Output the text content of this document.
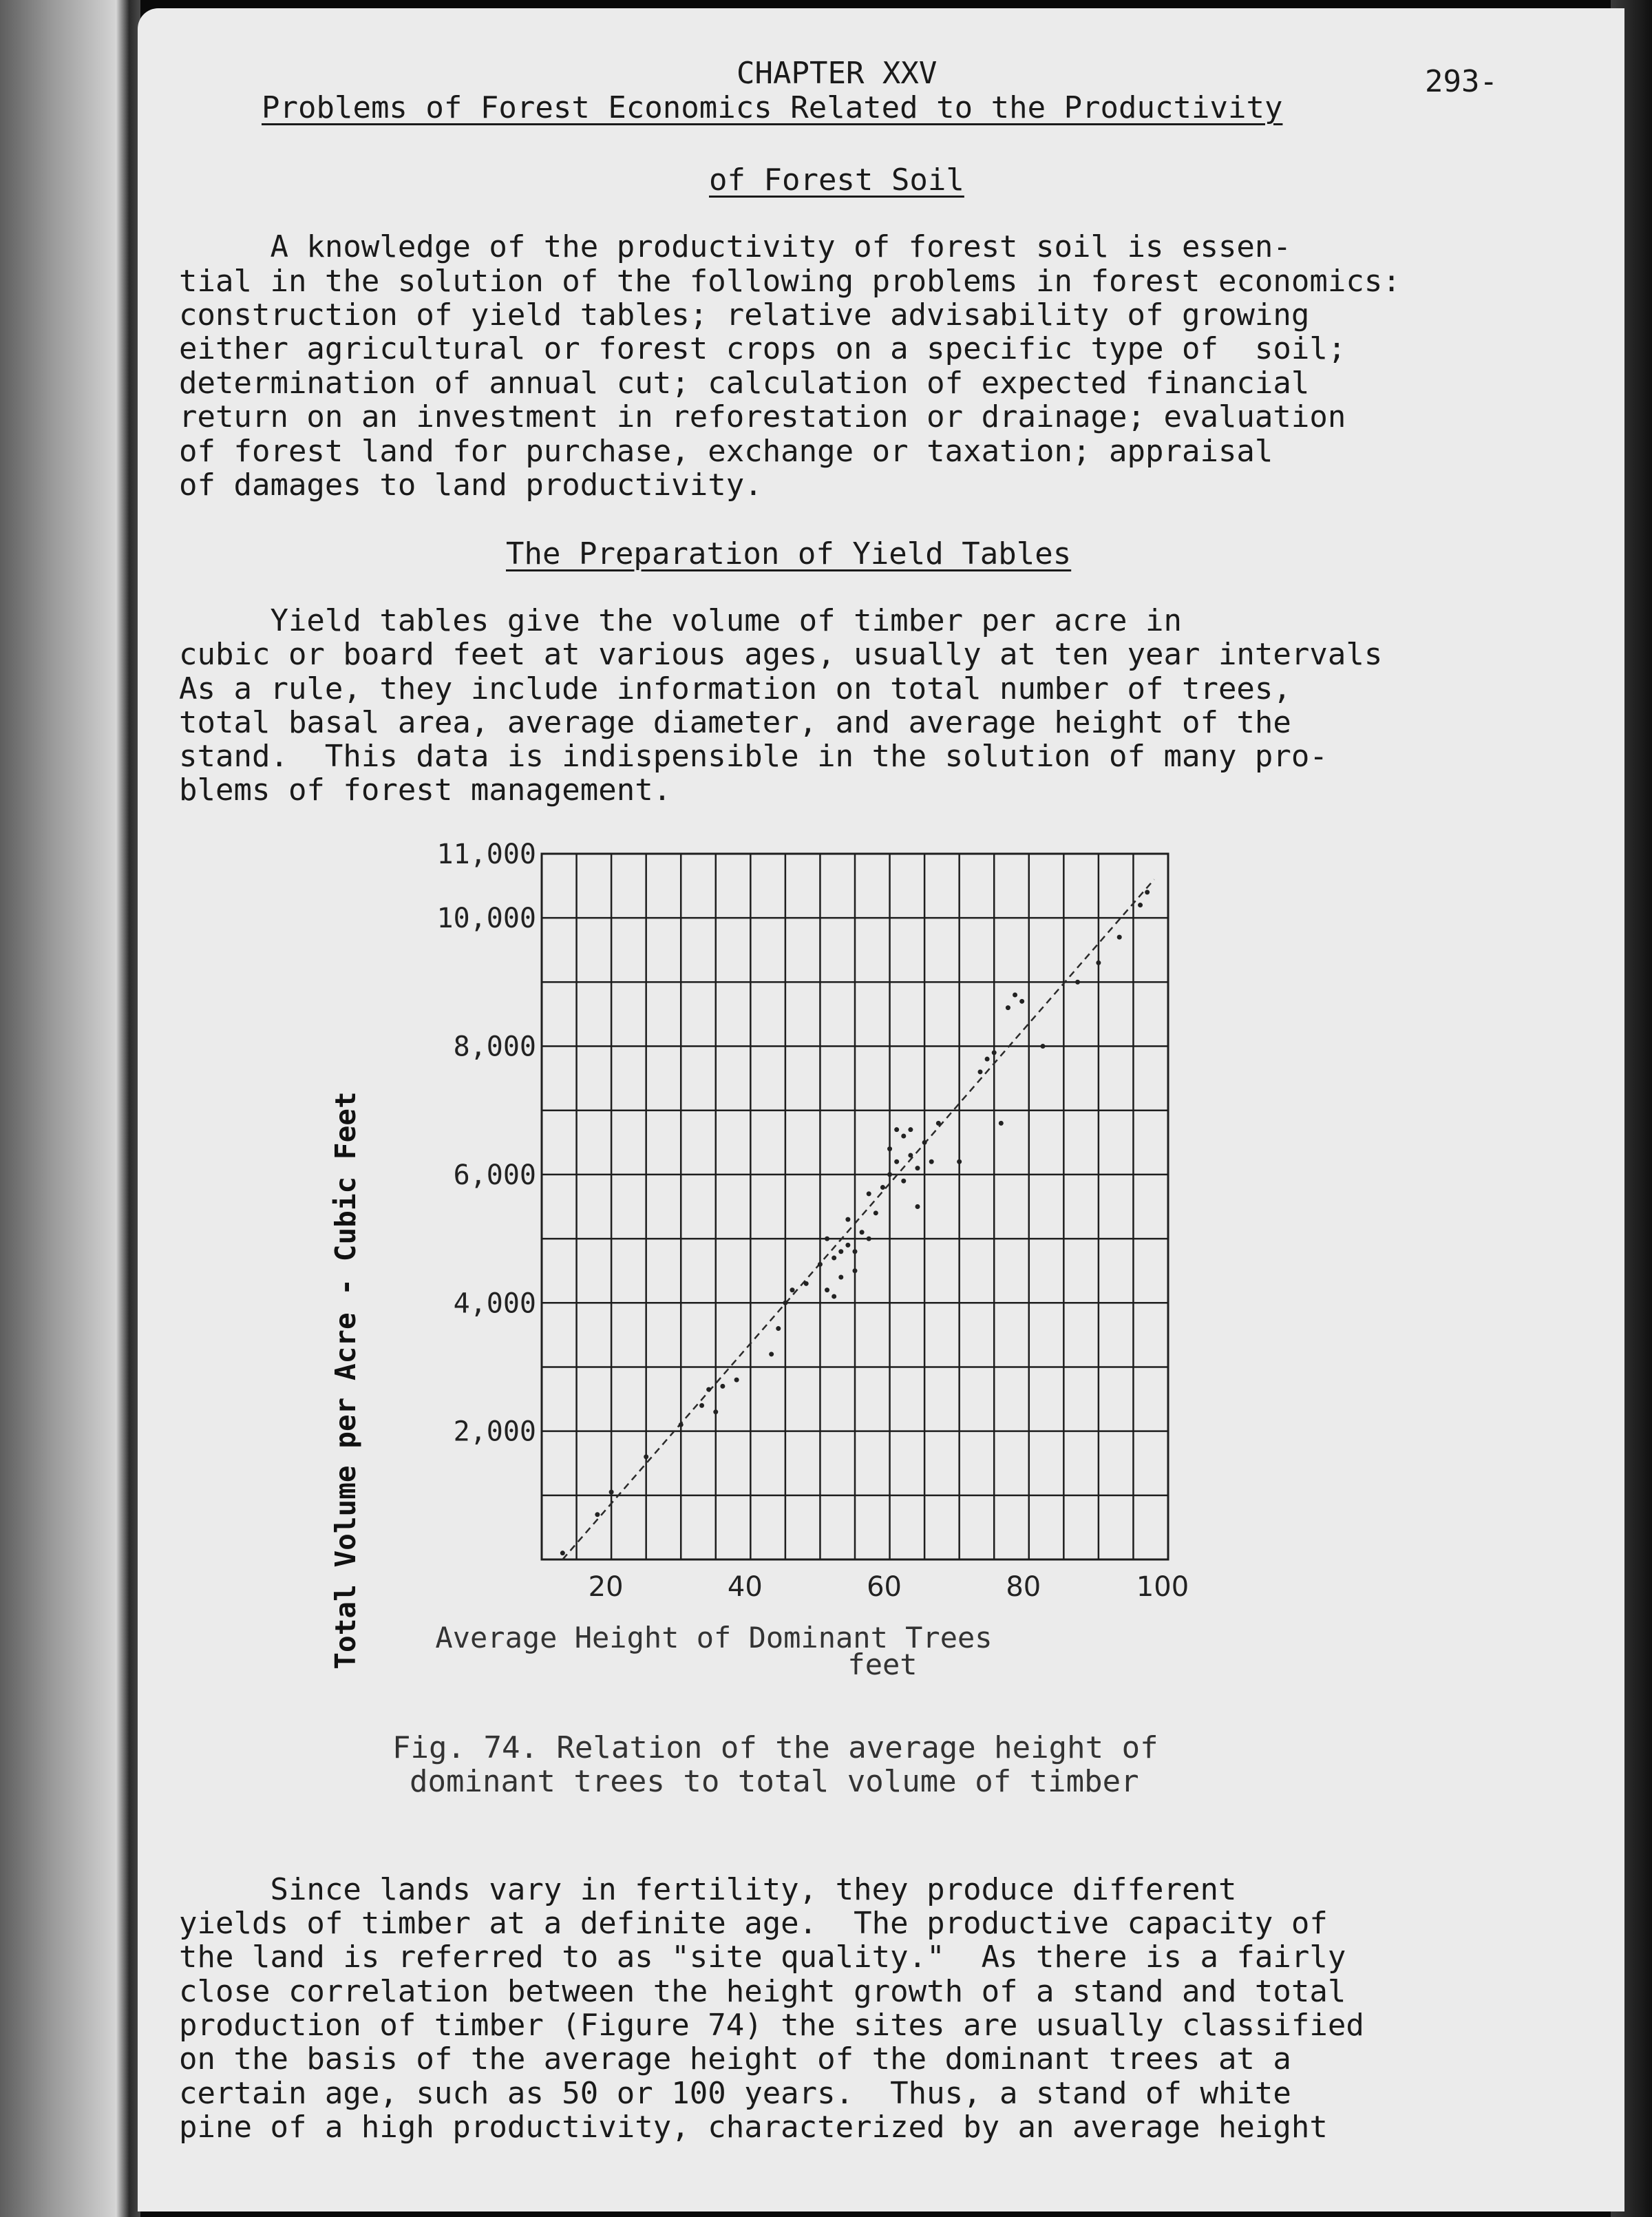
CHAPTER XXV	293-

Problems of Forest Economics Related to the Productivity

of Forest Soil

A knowledge of the productivity of forest soil is essen-

tial in the solution of the following problems in forest economics:

construction of yield tables; relative advisability of growing

either agricultural or forest crops on a specific type of  soil;

determination of annual cut; calculation of expected financial

return on an investment in reforestation or drainage; evaluation

of forest land for purchase, exchange or taxation; appraisal

of damages to land productivity.

The Preparation of Yield Tables

Yield tables give the volume of timber per acre in

cubic or board feet at various ages, usually at ten year intervals

As a rule, they include information on total number of trees,

total basal area, average diameter, and average height of the

stand.  This data is indispensible in the solution of many pro-

blems of forest management.

Fig. 74. Relation of the average height of

dominant trees to total volume of timber

Since lands vary in fertility, they produce different

yields of timber at a definite age.  The productive capacity of

the land is referred to as "site quality."  As there is a fairly

close correlation between the height growth of a stand and total

production of timber (Figure 74) the sites are usually classified

on the basis of the average height of the dominant trees at a

certain age, such as 50 or 100 years.  Thus, a stand of white

pine of a high productivity, characterized by an average height

Total Volume per Acre - Cubic Feet	20	40	60	80	100
2,000
4,000
6,000
8,000
10,000
11,000
Average Height of Dominant Trees
feet
